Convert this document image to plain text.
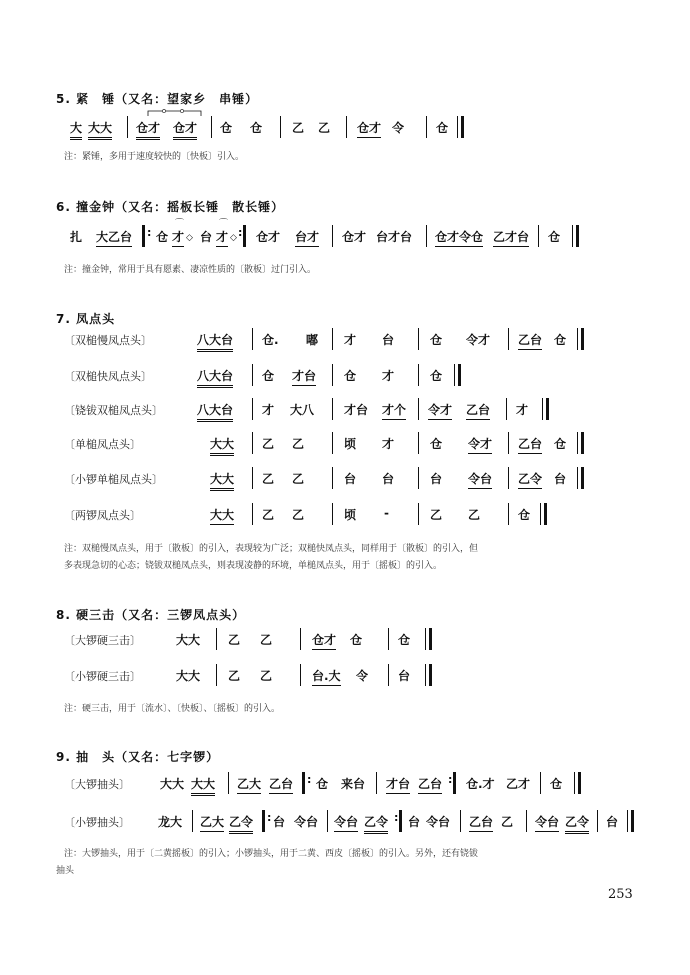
5. 紧　锤（又名：望家乡　串锤）
大 大大 仓才 仓才 仓 仓 乙 乙 仓才 令	仓
注：紧锤，多用于速度较快的〔快板〕引入。
6. 撞金钟（又名：摇板长锤　散长锤）
扎 大乙台 : 仓 才
⌒
◇ 台 才
⌒
◇ : 仓才 台才 仓才 台才台 仓才令仓 乙才台 仓
注：撞金钟，常用于具有愿素、凄凉性质的〔散板〕过门引入。
7. 凤点头
〔双槌慢凤点头〕	八大台 仓. 嘟 才 台	仓 令才 乙台 仓
〔双槌快凤点头〕	八大台 仓 才台 仓 才	仓
〔铙钹双槌凤点头〕	八大台 才 大八 才台 才个 令才 乙台 才
〔单槌凤点头〕	大大 乙 乙	顷 才	仓 令才 乙台 仓
〔小锣单槌凤点头〕	大大 乙 乙	台 台	台 令台 乙令 台
〔两锣凤点头〕	大大 乙 乙	顷 -	乙 乙	仓
注：双槌慢凤点头，用于〔散板〕的引入，表现较为广泛；双槌快凤点头，同样用于〔散板〕的引入，但
多表现急切的心态；铙钹双槌凤点头，则表现凌静的环境，单槌凤点头，用于〔摇板〕的引入。
8. 硬三击（又名：三锣凤点头）
〔大锣硬三击〕	大大 乙 乙	仓才 仓	仓
〔小锣硬三击〕	大大 乙 乙	台.大 令 台
注：硬三击，用于〔流水〕、〔快板〕、〔摇板〕的引入。
9. 抽　头（又名：七字锣）
〔大锣抽头〕	大大 大大 乙大 乙台 : 仓 来台 才台 乙台 : 仓.才 乙才 仓
〔小锣抽头〕 龙大 乙大 乙令 : 台 令台 令台 乙令 : 台 令台 乙台 乙 令台 乙令 台
注：大锣抽头，用于〔二黄摇板〕的引入；小锣抽头，用于二黄、西皮〔摇板〕的引入。另外，还有铙钹
抽头
253
